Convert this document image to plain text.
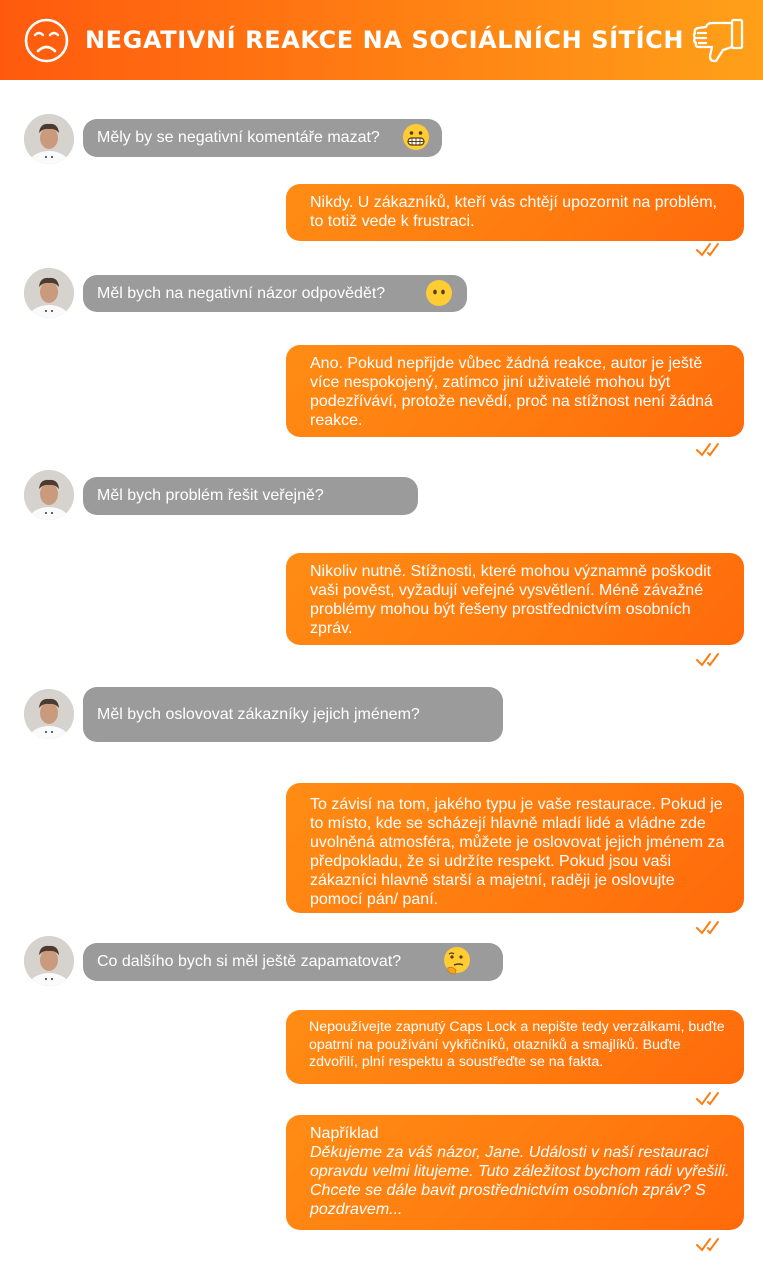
NEGATIVNÍ REAKCE NA SOCIÁLNÍCH SÍTÍCH
Měly by se negativní komentáře mazat?
Nikdy. U zákazníků, kteří vás chtějí upozornit na problém, to totiž vede k frustraci.
Měl bych na negativní názor odpovědět?
Ano. Pokud nepřijde vůbec žádná reakce, autor je ještě více nespokojený, zatímco jiní uživatelé mohou být podezříváví, protože nevědí, proč na stížnost není žádná reakce.
Měl bych problém řešit veřejně?
Nikoliv nutně. Stížnosti, které mohou významně poškodit vaši pověst, vyžadují veřejné vysvětlení. Méně závažné problémy mohou být řešeny prostřednictvím osobních zpráv.
Měl bych oslovovat zákazníky jejich jménem?
To závisí na tom, jakého typu je vaše restaurace. Pokud je to místo, kde se scházejí hlavně mladí lidé a vládne zde uvolněná atmosféra, můžete je oslovovat jejich jménem za předpokladu, že si udržíte respekt. Pokud jsou vaši zákazníci hlavně starší a majetní, raději je oslovujte pomocí pán/ paní.
Co dalšího bych si měl ještě zapamatovat?
Nepoužívejte zapnutý Caps Lock a nepište tedy verzálkami, buďte opatrní na používání vykřičníků, otazníků a smajlíků. Buďte zdvořilí, plní respektu a soustřeďte se na fakta.
Například
Děkujeme za váš názor, Jane. Události v naší restauraci opravdu velmi litujeme. Tuto záležitost bychom rádi vyřešili. Chcete se dále bavit prostřednictvím osobních zpráv? S pozdravem...
